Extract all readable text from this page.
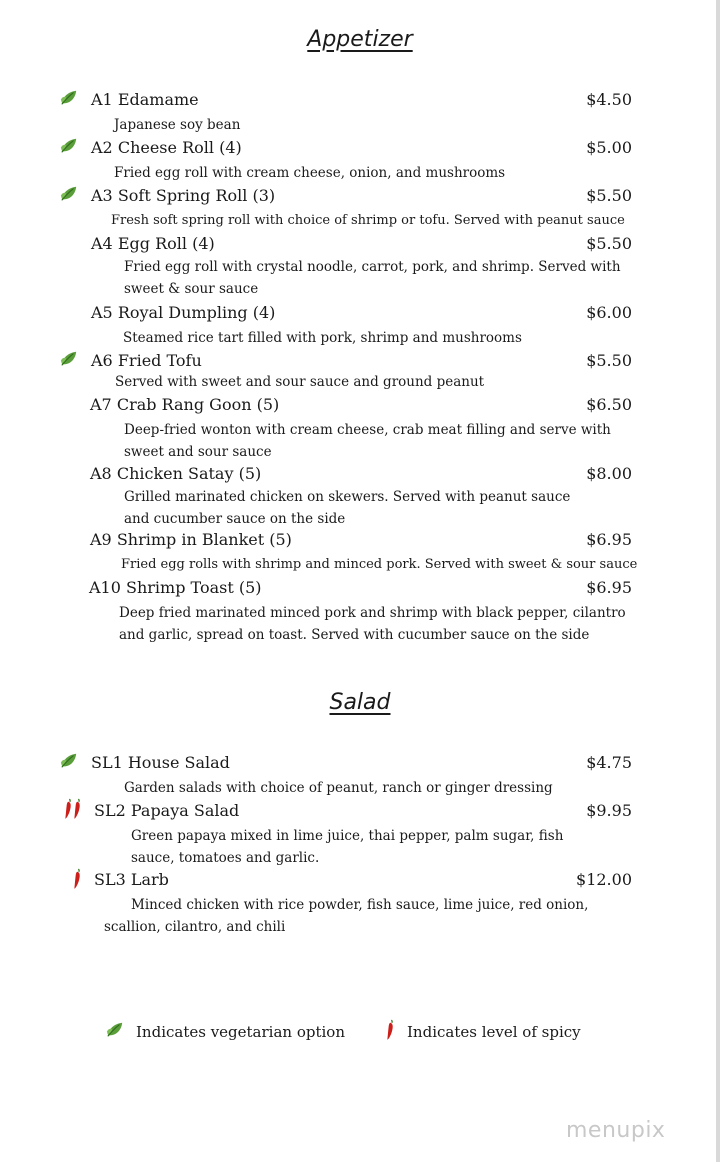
Appetizer
A1 Edamame	$4.50
Japanese soy bean
A2 Cheese Roll (4)	$5.00
Fried egg roll with cream cheese, onion, and mushrooms
A3 Soft Spring Roll (3)	$5.50
Fresh soft spring roll with choice of shrimp or tofu. Served with peanut sauce
A4 Egg Roll (4)	$5.50
Fried egg roll with crystal noodle, carrot, pork, and shrimp. Served with sweet & sour sauce
A5 Royal Dumpling (4)	$6.00
Steamed rice tart filled with pork, shrimp and mushrooms
A6 Fried Tofu	$5.50
Served with sweet and sour sauce and ground peanut
A7 Crab Rang Goon (5)	$6.50
Deep-fried wonton with cream cheese, crab meat filling and serve with sweet and sour sauce
A8 Chicken Satay (5)	$8.00
Grilled marinated chicken on skewers. Served with peanut sauce and cucumber sauce on the side
A9 Shrimp in Blanket (5)	$6.95
Fried egg rolls with shrimp and minced pork. Served with sweet & sour sauce
A10 Shrimp Toast (5)	$6.95
Deep fried marinated minced pork and shrimp with black pepper, cilantro and garlic, spread on toast. Served with cucumber sauce on the side
Salad
SL1 House Salad	$4.75
Garden salads with choice of peanut, ranch or ginger dressing
SL2 Papaya Salad	$9.95
Green papaya mixed in lime juice, thai pepper, palm sugar, fish sauce, tomatoes and garlic.
SL3 Larb	$12.00
Minced chicken with rice powder, fish sauce, lime juice, red onion, scallion, cilantro, and chili
Indicates vegetarian option	Indicates level of spicy
menupix
